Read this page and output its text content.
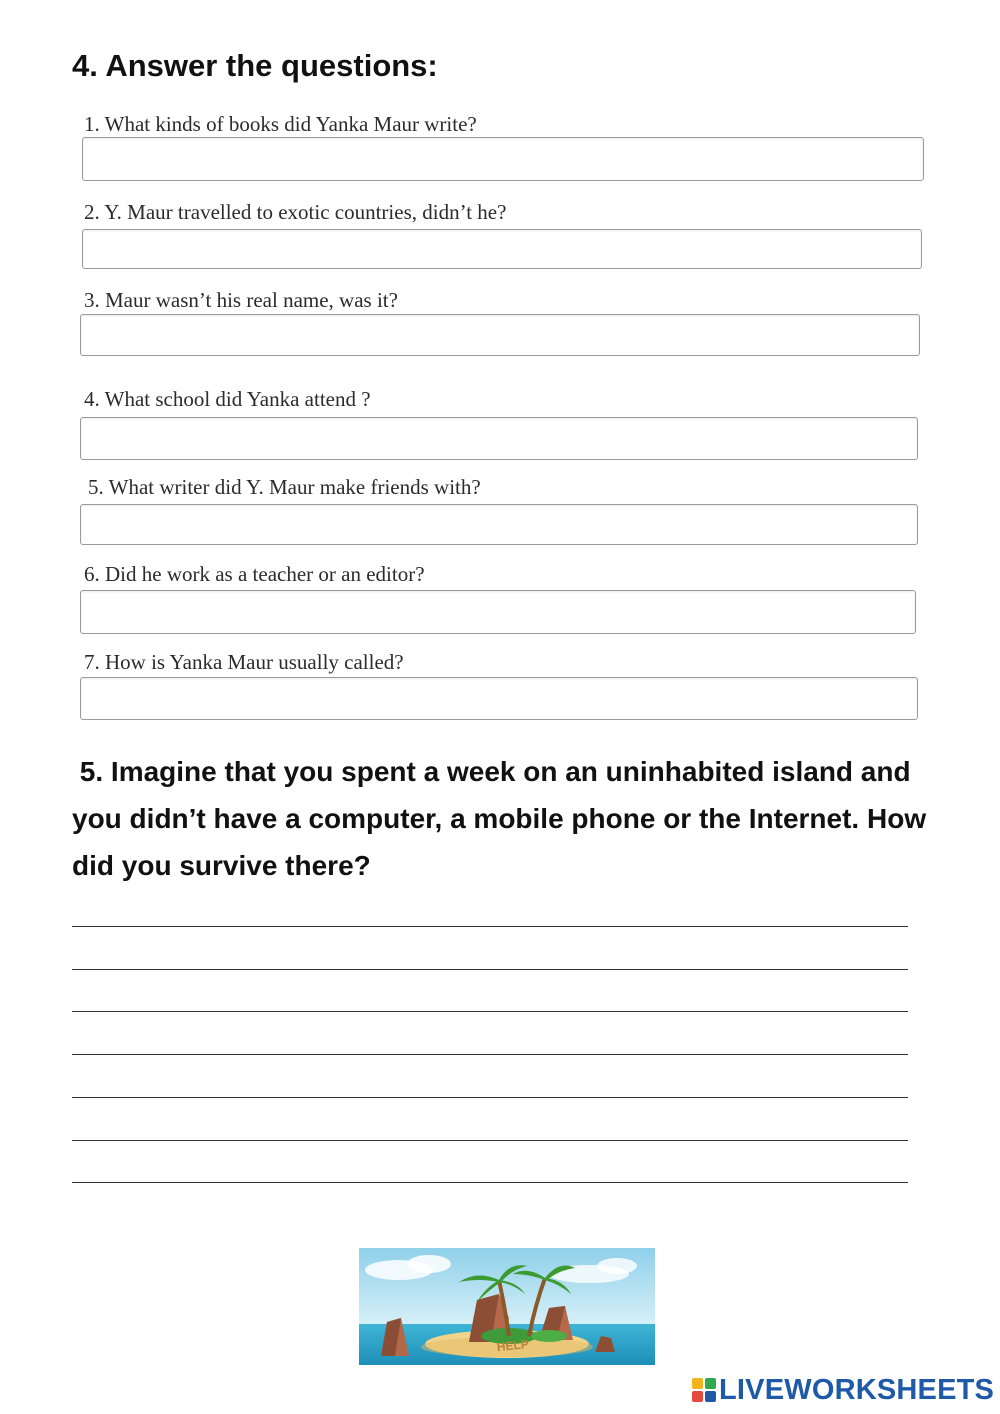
4. Answer the questions:
1. What kinds of books did Yanka Maur write?
2. Y. Maur travelled to exotic countries, didn’t he?
3. Maur wasn’t his real name, was it?
4. What school did Yanka attend ?
5. What writer did Y. Maur make friends with?
6. Did he work as a teacher or an editor?
7. How is Yanka Maur usually called?

5. Imagine that you spent a week on an uninhabited island and you didn’t have a computer, a mobile phone or the Internet. How did you survive there?

HELP
LIVEWORKSHEETS
